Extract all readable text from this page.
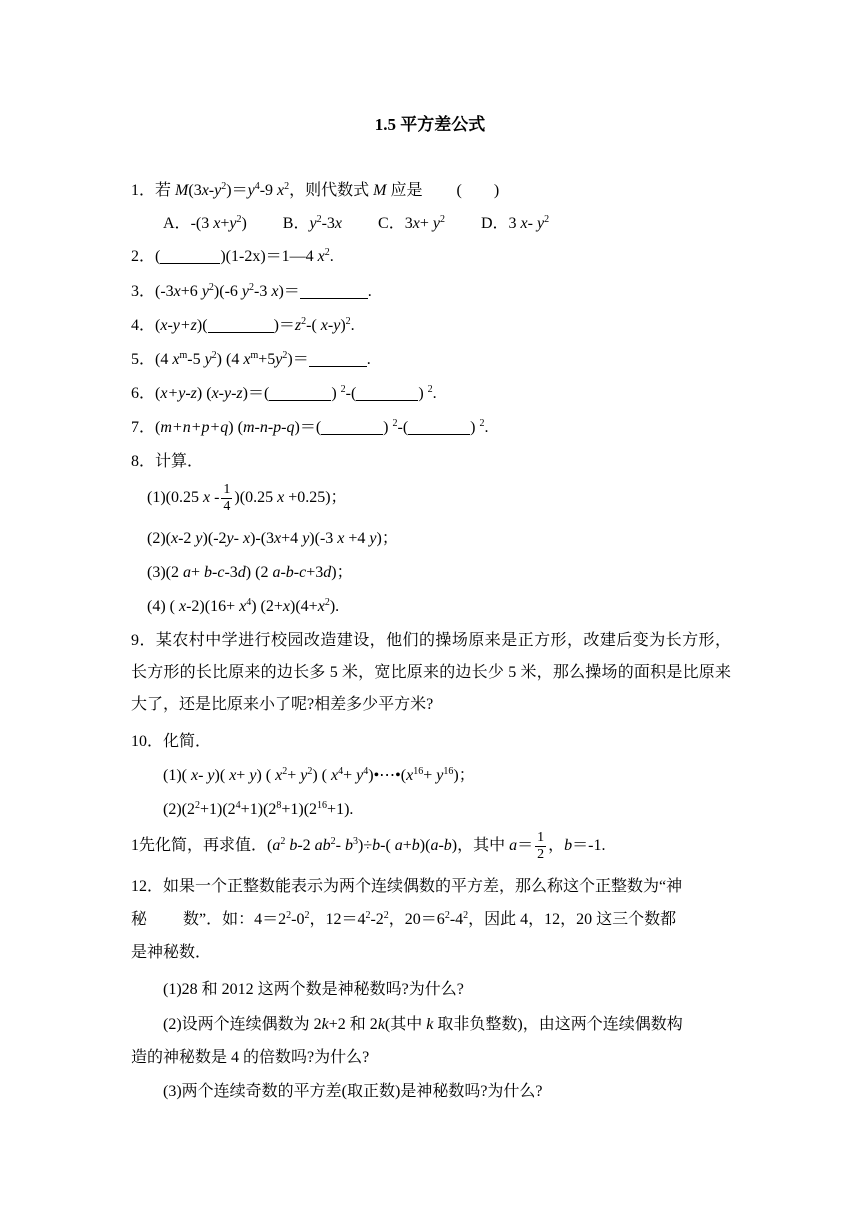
1.5 平方差公式
1．若 $M(3x-y^2)=y^4-9$ $x^2$，则代数式 M 应是 (　　)
A．-(3 $x+y^2$) B．$y^2-3x$ C．$3x+ y^2$ D．3 x- $y^2$
2．(	)(1-2x)＝1—4 $x^2$.
3．(-3x+6 $y^2)(-6$ $y^2-3$ x)＝	.
4．(x-y+z)(	)$=z^2-$( x-y)$^2$.
5．(4 $x^m-5$ $y^2$) (4 $x^m+5y^2)=$	.
6．(x+y-z) (x-y-z)＝(	) $^2$-(	) $^2$.
7．(m+n+p+q) (m-n-p-q)＝(	) $^2$-(	) $^2$.
8．计算．
(1)(0.25 x - $\frac{1}{4} )(0.25$ x +0.25)；
(2)(x-2 y)(-2y- x)-(3x+4 y)(-3 x +4 y)；
(3)(2 a+ b-c-3d) (2 a-b-c+3d)；
(4) ( $x-2)(16+ x^4)$ $(2+x)(4+x^2)$.
9．某农村中学进行校园改造建设，他们的操场原来是正方形，改建后变为长方形，长方形的长比原来的边长多 5 米，宽比原来的边长少 5 米，那么操场的面积是比原来大了，还是比原来小了呢?相差多少平方米?
10．化简．
(1)( x- y)( x+ y) ( $x^2+ y^2$) ( $x^4+$ $y^4)•\cdots•(x^{16}+ y^{16})$；
$(2)(2^2+1)(2^4+1)(2^8+1)(2^{16}+1)$.
1先化简，再求值．($a^2$ b-2 $ab^2-$ $b^3)\div b-$( a+b)(a-b)，其中 $a= \frac{1}{2}$ ，b＝-1.
12．如果一个正整数能表示为两个连续偶数的平方差，那么称这个正整数为“神
秘 数”．如：$4=2^2-0^2$，$12=4^2-2^2$，$20=6^2-4^2$，因此 4，12，20 这三个数都
是神秘数．
(1)28 和 2012 这两个数是神秘数吗?为什么?
(2)设两个连续偶数为 2k+2 和 2k(其中 k 取非负整数)，由这两个连续偶数构
造的神秘数是 4 的倍数吗?为什么?
(3)两个连续奇数的平方差(取正数)是神秘数吗?为什么?
